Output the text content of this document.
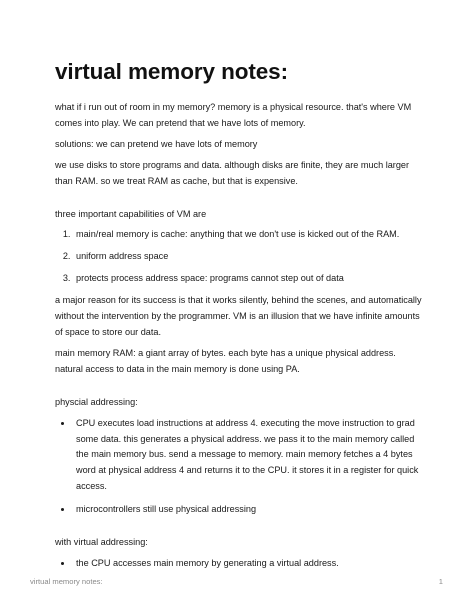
virtual memory notes:

what if i run out of room in my memory? memory is a physical resource. that's where VM comes into play. We can pretend that we have lots of memory.

solutions: we can pretend we have lots of memory

we use disks to store programs and data. although disks are finite, they are much larger than RAM. so we treat RAM as cache, but that is expensive.

three important capabilities of VM are

1. main/real memory is cache: anything that we don't use is kicked out of the RAM.
2. uniform address space
3. protects process address space: programs cannot step out of data

a major reason for its success is that it works silently, behind the scenes, and automatically without the intervention by the programmer. VM is an illusion that we have infinite amounts of space to store our data.

main memory RAM: a giant array of bytes. each byte has a unique physical address. natural access to data in the main memory is done using PA.

physcial addressing:

• CPU executes load instructions at address 4. executing the move instruction to grad some data. this generates a physical address. we pass it to the main memory called the main memory bus. send a message to memory. main memory fetches a 4 bytes word at physical address 4 and returns it to the CPU. it stores it in a register for quick access.
• microcontrollers still use physical addressing

with virtual addressing:

• the CPU accesses main memory by generating a virtual address.
virtual memory notes:	1
